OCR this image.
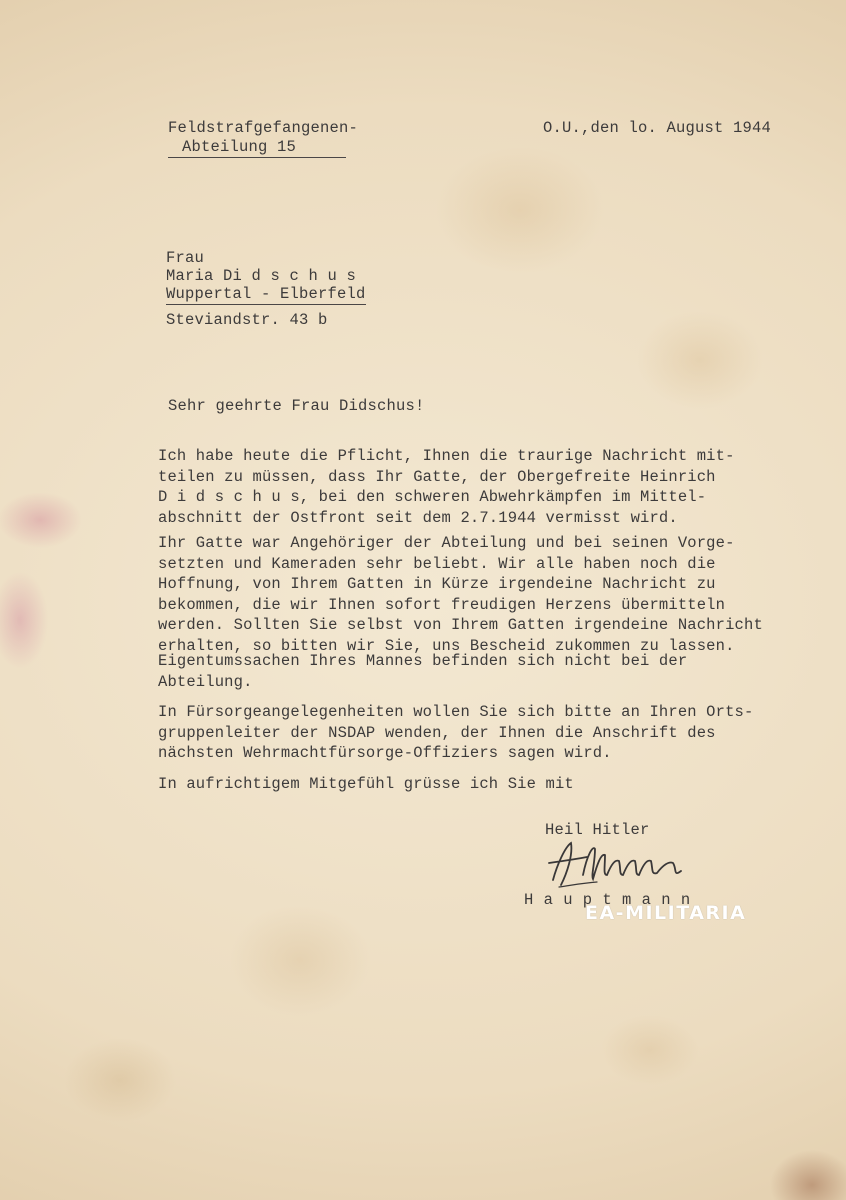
Feldstrafgefangenen-
Abteilung 15
O.U.,den lo. August 1944
Frau
Maria Di d s c h u s
Wuppertal - Elberfeld
Steviandstr. 43 b
Sehr geehrte Frau Didschus!
Ich habe heute die Pflicht, Ihnen die traurige Nachricht mit-
teilen zu müssen, dass Ihr Gatte, der Obergefreite Heinrich
D i d s c h u s, bei den schweren Abwehrkämpfen im Mittel-
abschnitt der Ostfront seit dem 2.7.1944 vermisst wird.
Ihr Gatte war Angehöriger der Abteilung und bei seinen Vorge-
setzten und Kameraden sehr beliebt. Wir alle haben noch die
Hoffnung, von Ihrem Gatten in Kürze irgendeine Nachricht zu
bekommen, die wir Ihnen sofort freudigen Herzens übermitteln
werden. Sollten Sie selbst von Ihrem Gatten irgendeine Nachricht
erhalten, so bitten wir Sie, uns Bescheid zukommen zu lassen.
Eigentumssachen Ihres Mannes befinden sich nicht bei der
Abteilung.
In Fürsorgeangelegenheiten wollen Sie sich bitte an Ihren Orts-
gruppenleiter der NSDAP wenden, der Ihnen die Anschrift des
nächsten Wehrmachtfürsorge-Offiziers sagen wird.
In aufrichtigem Mitgefühl grüsse ich Sie mit
Heil Hitler
H a u p t m a n n
EA-MILITARIA
